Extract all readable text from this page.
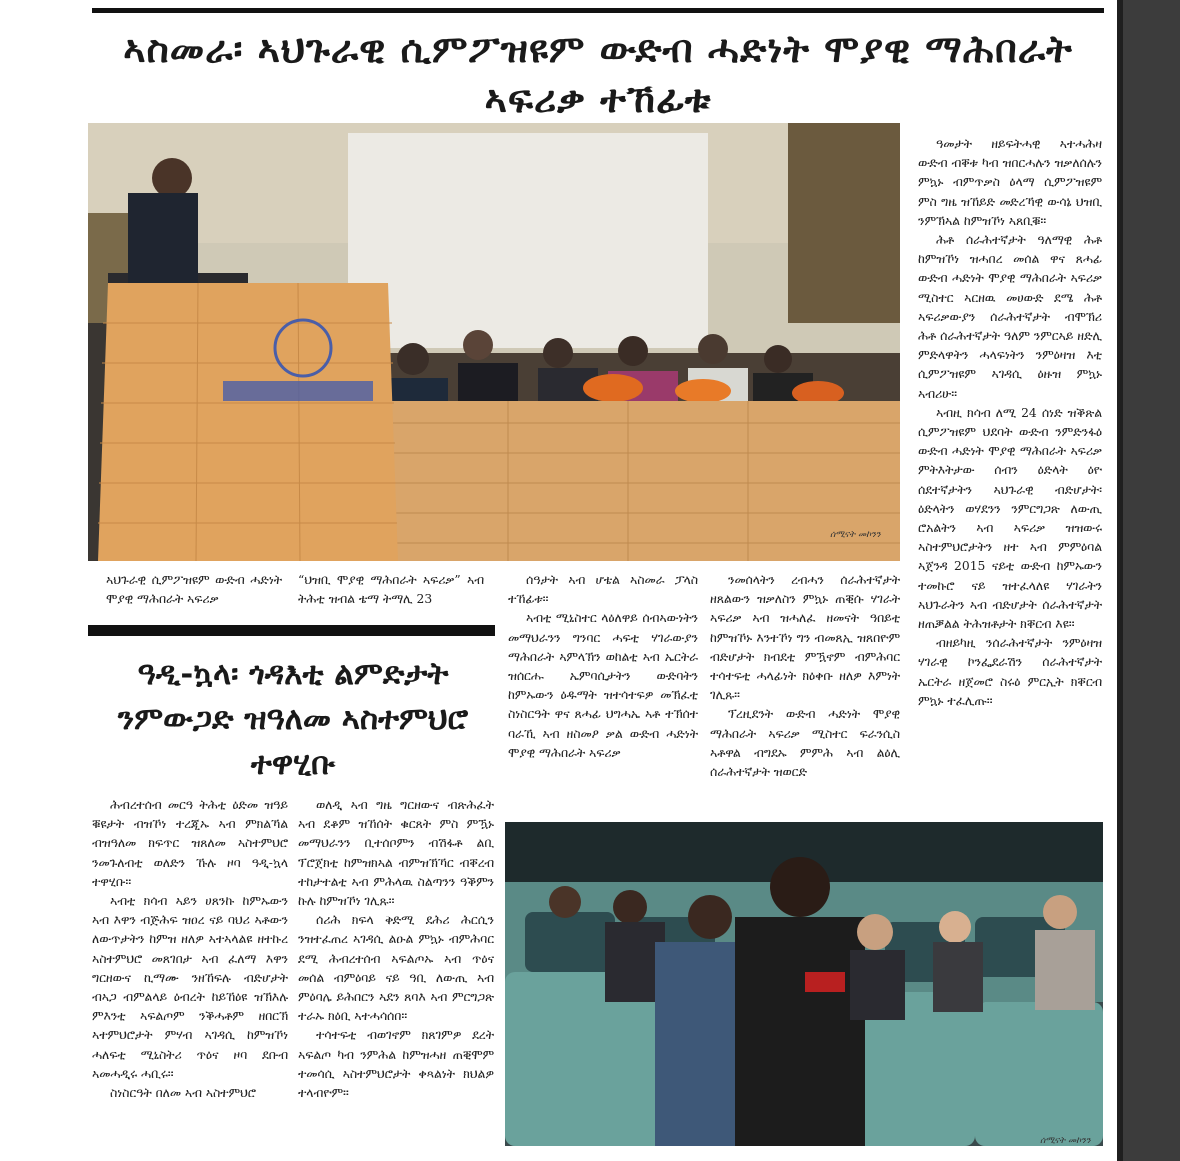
ኣስመራ፡ ኣህጉራዊ ሲምፖዝዩም ውድብ ሓድነት ሞያዊ ማሕበራት ኣፍሪቃ ተኸፊቱ
ሰሚናት መኮንን
ኣህጉራዊ ሲምፖዝዩም ውድብ ሓድነት ሞያዊ ማሕበራት ኣፍሪቃ
“ህዝቢ ሞያዊ ማሕበራት ኣፍሪቃ” ኣብ ትሕቲ ዝብል ቴማ ትማሊ 23

ዓመታት ዘይፍትሓዊ ኣተሓሕዛ ውድብ ብቐቱ ካብ ዝበርሓሉን ዝቃለሰሉን ምኳኑ ብምጥቃስ ዕላማ ሲምፖዝዩም ምስ ግዜ ዝኸይድ መድረኻዊ ውሳኔ ህዝቢ ንምኽኣል ከምዝኾነ ኣጸቢቑ።

ሕቶ ሰራሕተኛታት ዓለማዊ ሕቶ ከምዝኾነ ዝሓበረ መሰል ዋና ጸሓፊ ውድብ ሓድነት ሞያዊ ማሕበራት ኣፍሪቃ ሚስተር ኣርዘዉ መሀውድ ደሜ ሕቶ ኣፍሪቃውያን ሰራሕተኛታት ብሞኽሪ ሕቶ ሰራሕተኛታት ዓለም ንምርኣይ ዘድሊ ምድላዋትን ሓላፍነትን ንምዕዛዝ እቲ ሲምፖዝዩም ኣገዳሲ ዕዙዝ ምኳኑ ኣብሪሁ።

ኣብዚ ክሳብ ለሚ 24 ሰነድ ዝቕጽል ሲምፖዝዩም ህደባት ውድብ ንምድንፋዕ ውድብ ሓድነት ሞያዊ ማሕበራት ኣፍሪቃ ምትእትታው ሰብን ዕድላት ዕዮ ሰደተኛታትን ኣህጉራዊ ብድሆታት፡ ዕድላትን ወሃደንን ንምርግጋጽ ለውጢ ሮአልትን ኣብ ኣፍሪቃ ዝዝውሩ ኣስተምህሮታትን ዘተ ኣብ ምምዕባል ኣጀንዳ 2015 ናይቲ ውድብ ከምኡውን ተመኩሮ ናይ ዝተፈላለዩ ሃገራትን ኣህጉራትን ኣብ ብድሆታት ሰራሕተኛታት ዘጠቓልል ትሕዝቶታት ክቐርብ እዩ።

ብዘይካዚ ንሰራሕተኛታት ንምዕዛዝ ሃገራዊ ኮንፌደራሽን ሰራሕተኛታት ኤርትራ ዘጀመሮ ስሩዕ ምርኢት ክቐርብ ምኳኑ ተፈሊጡ።

ሰዓታት ኣብ ሆቴል ኣስመራ ፓላስ ተኸፊቱ።

ኣብቲ ሚኒስተር ላዕለዋይ ሰብኣውነትን መማህራንን ግንባር ሓፍቲ ሃገራውያን ማሕበራት ኣምላኽን ወከልቲ ኣብ ኤርትራ ዝሰርሑ ኤምባሲታትን ውድባትን ከምኡውን ዕዱማት ዝተሳተፍዎ መኽፈቲ ስነስርዓት ዋና ጸሓፊ ህግሓኤ ኣቶ ተኽሰተ ባራኺ ኣብ ዘስመዖ ቃል ውድብ ሓድነት ሞያዊ ማሕበራት ኣፍሪቃ

ንመሰላትን ረብሓን ሰራሕተኛታት ዘጸልውን ዝቃለስን ምኳኑ ጠቒሱ ሃገራት ኣፍሪቃ ኣብ ዝሓለፈ ዘመናት ዓበይቲ ከምዝኾኑ እንተኾነ ግን ብመጸኢ ዝጸበዮም ብድሆታት ክብደቲ ምዃኖም ብምሕባር ተሳተፍቲ ሓላፊነት ክዕቀቡ ዘለዎ እምነት ገሊጹ።

ፕረዚደንት ውድብ ሓድነት ሞያዊ ማሕበራት ኣፍሪቃ ሚስተር ፍራንሲስ ኣቶዋል ብግደኡ ምምሕ ኣብ ልዕሊ ሰራሕተኛታት ዝወርድ

ዓዲ-ኳላ፡ ጎዳእቲ ልምድታት ንምውጋድ ዝዓለመ ኣስተምህሮ ተዋሂቡ

ሕብረተሰብ መርዓ ትሕቲ ዕድመ ዝዓይ ቑዩታት ብዝኾነ ተረጂኡ ኣብ ምክልኻል ብዝዓለመ ክፍጥር ዝጸለመ ኣስተምህሮ ንመጉለብቲ ወለድን ኹሉ ዞባ ዓዲ-ኳላ ተዋሂቡ።

ኣብቲ ክሳብ ኣይን ሀጸንኩ ከምኡውን ኣብ እዋን ብጅሕፍ ዝዐረ ናይ ባህሪ ኣቶውን ለውጥታትን ከምዝ ዘለዎ ኣተኣላልዩ ዘተኩረ ኣስተምህሮ መጸገበታ ኣብ ፈለማ እዋን ግርዘውና ኪማሙ ንዘኸፍሉ ብድሆታት ብኣጋ ብምልላይ ዕብረት ከይኸዕዩ ዝኽእሉ ምእንቲ ኣፍልጦም ንቕሓቶም ዘበርኽ ኣተምህሮታት ምሃብ ኣገዳሲ ከምዝኾነ ሓለፍቲ ሚኒስትሪ ጥዕና ዞባ ደቡብ ኣመሓዲሩ ሓቢሩ።

ስነስርዓት በለመ ኣብ ኣስተምህሮ

ወለዲ ኣብ ግዜ ግርዘውና ብጽሕፈት ኣብ ደቆም ዝኸሰት ቁርጸት ምስ ምዃኑ መማህራንን ቢተሰቦምን ብሽፋቶ ልቢ ፕሮጀክቲ ከምዝክኣል ብምዝኽኻር ብቐረብ ተከታተልቲ ኣብ ምሕላዉ ስልጣንን ዓቕምን ኩሉ ከምዝኾነ ገሊጹ።

ሰሪሕ ክፍላ ቅድሚ ደሕሪ ሕርሲን ንዝተፈጠረ ኣገዳሲ ልዑል ምኳኑ ብምሕባር ደሚ ሕብረተሰብ ኣፍልጦኡ ኣብ ጥዕና መሰል ብምዕባይ ናይ ዓቢ ለውጢ ኣብ ምዕባሌ ይሕበርን ኣደን ጸባእ ኣብ ምርግጋጽ ተራኡ ክዕቢ ኣተሓሳሰበ።

ተሳተፍቲ ብወገኖም ክጸገምዎ ደረት ኣፍልጦ ካብ ንምሕል ከምዝሓዘ ጠቒሞም ተመሳሲ ኣስተምህሮታት ቀጻልነት ክህልዎ ተላብዮም።

ሰሚናት መኮንን
